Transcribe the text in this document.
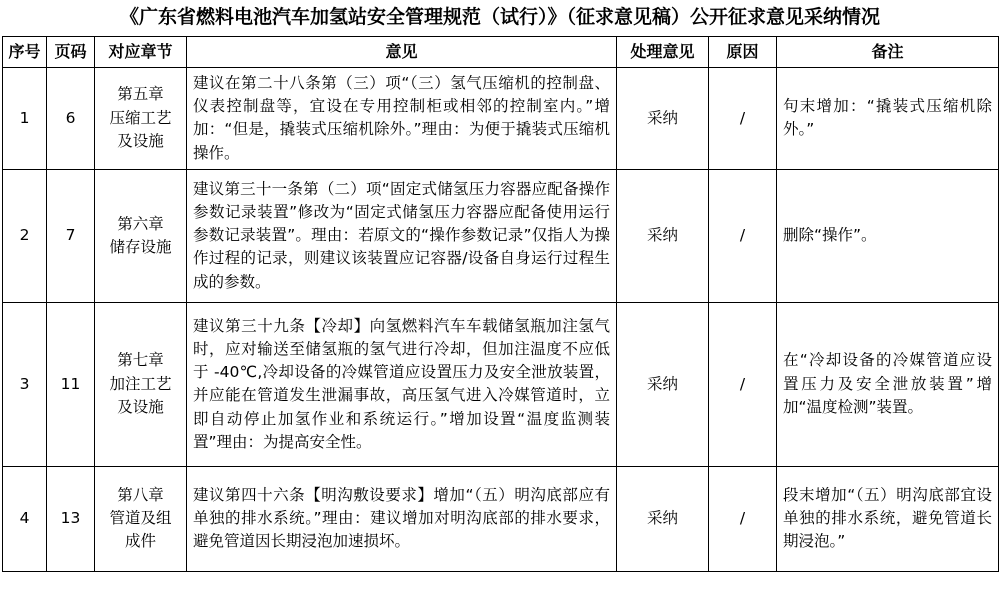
《广东省燃料电池汽车加氢站安全管理规范（试行）》（征求意见稿）公开征求意见采纳情况
序号	页码	对应章节	意见	处理意见	原因	备注
1	6	第五章
压缩工艺
及设施	建议在第二十八条第（三）项“（三）氢气压缩机的控制盘、仪表控制盘等，宜设在专用控制柜或相邻的控制室内。”增加：“但是，撬装式压缩机除外。”理由：为便于撬装式压缩机操作。	采纳	/	句末增加：“撬装式压缩机除外。”
2	7	第六章
储存设施	建议第三十一条第（二）项“固定式储氢压力容器应配备操作参数记录装置”修改为“固定式储氢压力容器应配备使用运行参数记录装置”。理由：若原文的“操作参数记录”仅指人为操作过程的记录，则建议该装置应记容器/设备自身运行过程生成的参数。	采纳	/	删除“操作”。
3	11	第七章
加注工艺
及设施	建议第三十九条【冷却】向氢燃料汽车车载储氢瓶加注氢气时，应对输送至储氢瓶的氢气进行冷却，但加注温度不应低于 -40℃,冷却设备的冷媒管道应设置压力及安全泄放装置，并应能在管道发生泄漏事故，高压氢气进入冷媒管道时，立即自动停止加氢作业和系统运行。”增加设置“温度监测装置”理由：为提高安全性。	采纳	/	在“冷却设备的冷媒管道应设置压力及安全泄放装置”增加“温度检测”装置。
4	13	第八章
管道及组
成件	建议第四十六条【明沟敷设要求】增加“（五）明沟底部应有单独的排水系统。”理由：建议增加对明沟底部的排水要求，避免管道因长期浸泡加速损坏。	采纳	/	段末增加“（五）明沟底部宜设单独的排水系统，避免管道长期浸泡。”
